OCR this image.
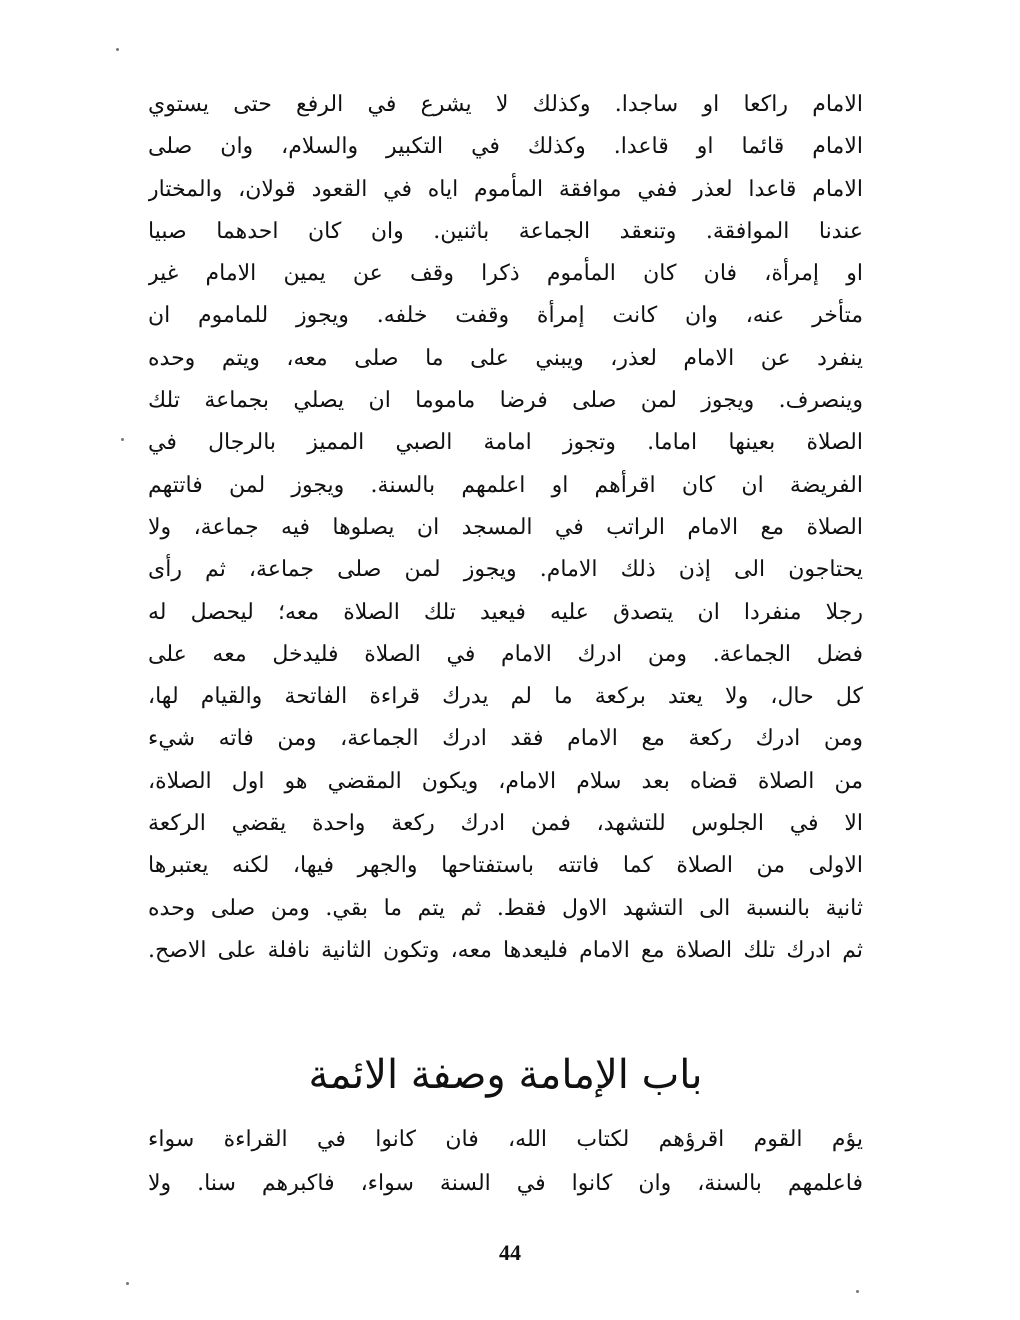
الامام راكعا او ساجدا. وكذلك لا يشرع في الرفع حتى يستوي
الامام قائما او قاعدا. وكذلك في التكبير والسلام، وان صلى
الامام قاعدا لعذر ففي موافقة المأموم اياه في القعود قولان، والمختار
عندنا الموافقة. وتنعقد الجماعة باثنين. وان كان احدهما صبيا
او إمرأة، فان كان المأموم ذكرا وقف عن يمين الامام غير
متأخر عنه، وان كانت إمرأة وقفت خلفه. ويجوز للماموم ان
ينفرد عن الامام لعذر، ويبني على ما صلى معه، ويتم وحده
وينصرف. ويجوز لمن صلى فرضا ماموما ان يصلي بجماعة تلك
الصلاة بعينها اماما. وتجوز امامة الصبي المميز بالرجال في
الفريضة ان كان اقرأهم او اعلمهم بالسنة. ويجوز لمن فاتتهم
الصلاة مع الامام الراتب في المسجد ان يصلوها فيه جماعة، ولا
يحتاجون الى إذن ذلك الامام. ويجوز لمن صلى جماعة، ثم رأى
رجلا منفردا ان يتصدق عليه فيعيد تلك الصلاة معه؛ ليحصل له
فضل الجماعة. ومن ادرك الامام في الصلاة فليدخل معه على
كل حال، ولا يعتد بركعة ما لم يدرك قراءة الفاتحة والقيام لها،
ومن ادرك ركعة مع الامام فقد ادرك الجماعة، ومن فاته شيء
من الصلاة قضاه بعد سلام الامام، ويكون المقضي هو اول الصلاة،
الا في الجلوس للتشهد، فمن ادرك ركعة واحدة يقضي الركعة
الاولى من الصلاة كما فاتته باستفتاحها والجهر فيها، لكنه يعتبرها
ثانية بالنسبة الى التشهد الاول فقط. ثم يتم ما بقي. ومن صلى وحده
ثم ادرك تلك الصلاة مع الامام فليعدها معه، وتكون الثانية نافلة على الاصح.
باب الإمامة وصفة الائمة
يؤم القوم اقرؤهم لكتاب الله، فان كانوا في القراءة سواء
فاعلمهم بالسنة، وان كانوا في السنة سواء، فاكبرهم سنا. ولا
44
